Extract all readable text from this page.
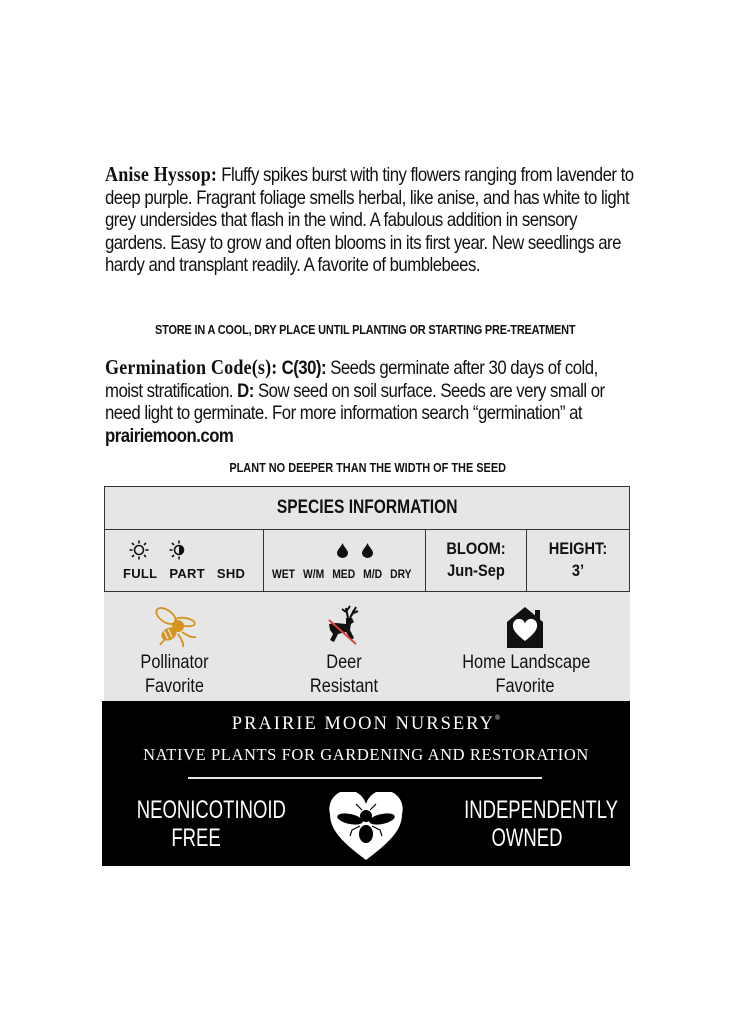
Anise Hyssop: Fluffy spikes burst with tiny flowers ranging from lavender to deep purple. Fragrant foliage smells herbal, like anise, and has white to light grey undersides that flash in the wind. A fabulous addition in sensory gardens. Easy to grow and often blooms in its first year. New seedlings are hardy and transplant readily. A favorite of bumblebees.
STORE IN A COOL, DRY PLACE UNTIL PLANTING OR STARTING PRE-TREATMENT
Germination Code(s): C(30): Seeds germinate after 30 days of cold, moist stratification. D: Sow seed on soil surface. Seeds are very small or need light to germinate. For more information search “germination” at prairiemoon.com
PLANT NO DEEPER THAN THE WIDTH OF THE SEED
SPECIES INFORMATION
FULL PART SHD	WET W/M MED M/D DRY
BLOOM:
Jun-Sep
HEIGHT:
3’
Pollinator
Favorite
Deer
Resistant
Home Landscape
Favorite
PRAIRIE MOON NURSERY®
NATIVE PLANTS FOR GARDENING AND RESTORATION
NEONICOTINOID
FREE
INDEPENDENTLY
OWNED
